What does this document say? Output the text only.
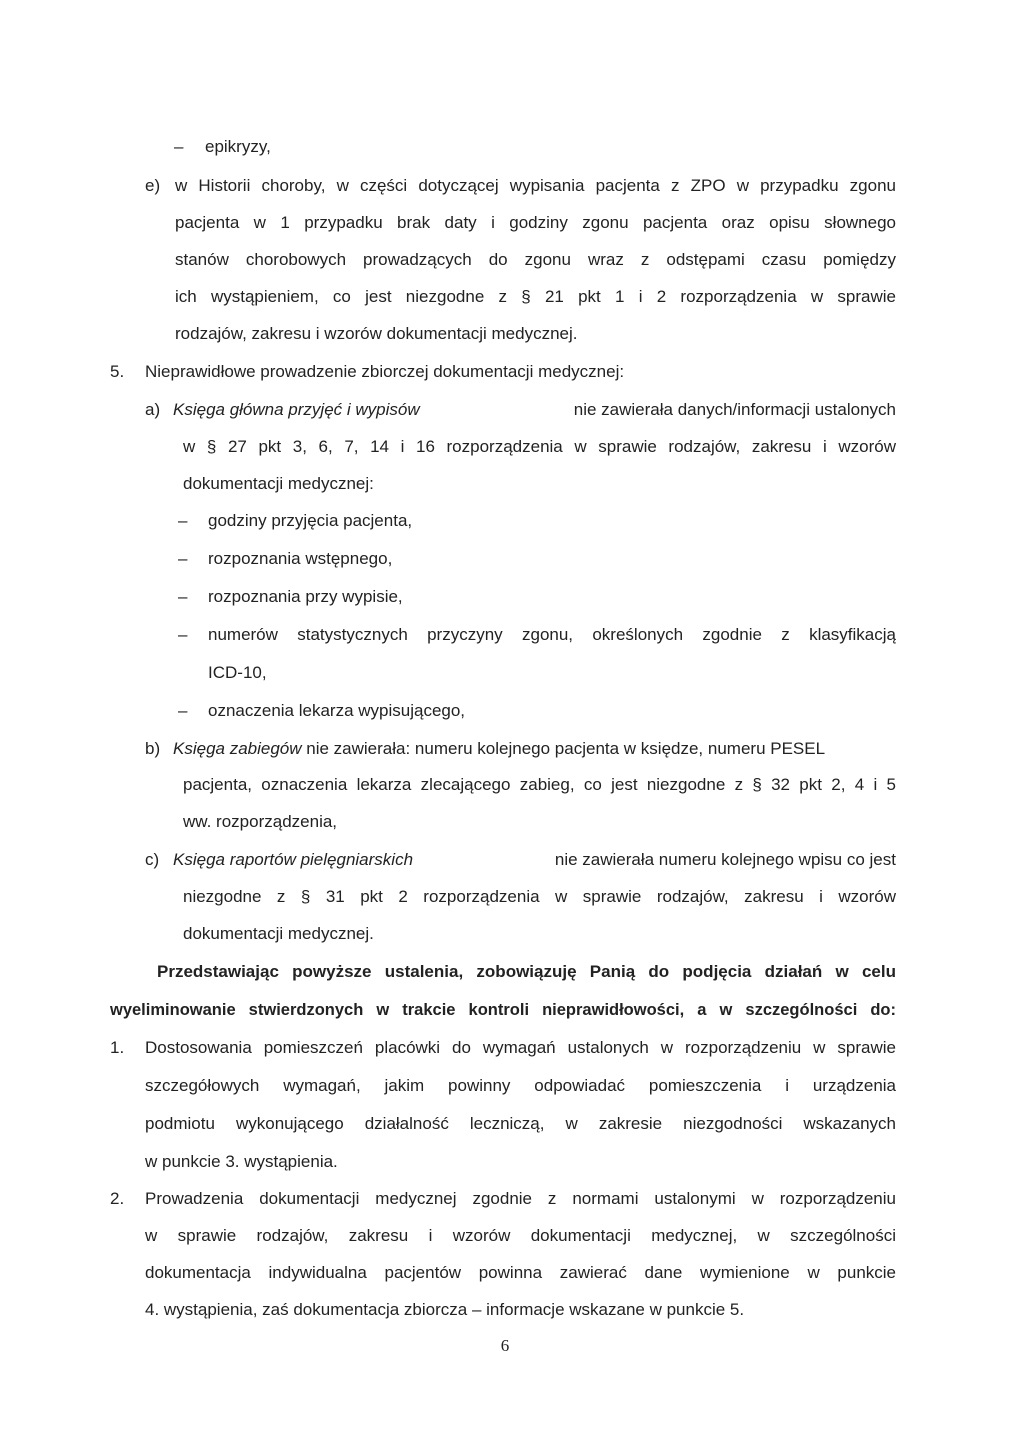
– epikryzy,
e) w Historii choroby, w części dotyczącej wypisania pacjenta z ZPO w przypadku zgonu
pacjenta w 1 przypadku brak daty i godziny zgonu pacjenta oraz opisu słownego
stanów chorobowych prowadzących do zgonu wraz z odstępami czasu pomiędzy
ich wystąpieniem, co jest niezgodne z § 21 pkt 1 i 2 rozporządzenia w sprawie
rodzajów, zakresu i wzorów dokumentacji medycznej.
5. Nieprawidłowe prowadzenie zbiorczej dokumentacji medycznej:
a) Księga główna przyjęć i wypisów	nie zawierała danych/informacji ustalonych
w § 27 pkt 3, 6, 7, 14 i 16 rozporządzenia w sprawie rodzajów, zakresu i wzorów
dokumentacji medycznej:
– godziny przyjęcia pacjenta,
– rozpoznania wstępnego,
– rozpoznania przy wypisie,
– numerów statystycznych przyczyny zgonu, określonych zgodnie z klasyfikacją
ICD-10,
– oznaczenia lekarza wypisującego,
b) Księga zabiegów nie zawierała: numeru kolejnego pacjenta w księdze, numeru PESEL
pacjenta, oznaczenia lekarza zlecającego zabieg, co jest niezgodne z § 32 pkt 2, 4 i 5
ww. rozporządzenia,
c) Księga raportów pielęgniarskich	nie zawierała numeru kolejnego wpisu co jest
niezgodne z § 31 pkt 2 rozporządzenia w sprawie rodzajów, zakresu i wzorów
dokumentacji medycznej.
Przedstawiając powyższe ustalenia, zobowiązuję Panią do podjęcia działań w celu
wyeliminowanie stwierdzonych w trakcie kontroli nieprawidłowości, a w szczególności do:
1. Dostosowania pomieszczeń placówki do wymagań ustalonych w rozporządzeniu w sprawie
szczegółowych wymagań, jakim powinny odpowiadać pomieszczenia i urządzenia
podmiotu wykonującego działalność leczniczą, w zakresie niezgodności wskazanych
w punkcie 3. wystąpienia.
2. Prowadzenia dokumentacji medycznej zgodnie z normami ustalonymi w rozporządzeniu
w sprawie rodzajów, zakresu i wzorów dokumentacji medycznej, w szczególności
dokumentacja indywidualna pacjentów powinna zawierać dane wymienione w punkcie
4. wystąpienia, zaś dokumentacja zbiorcza – informacje wskazane w punkcie 5.
6
